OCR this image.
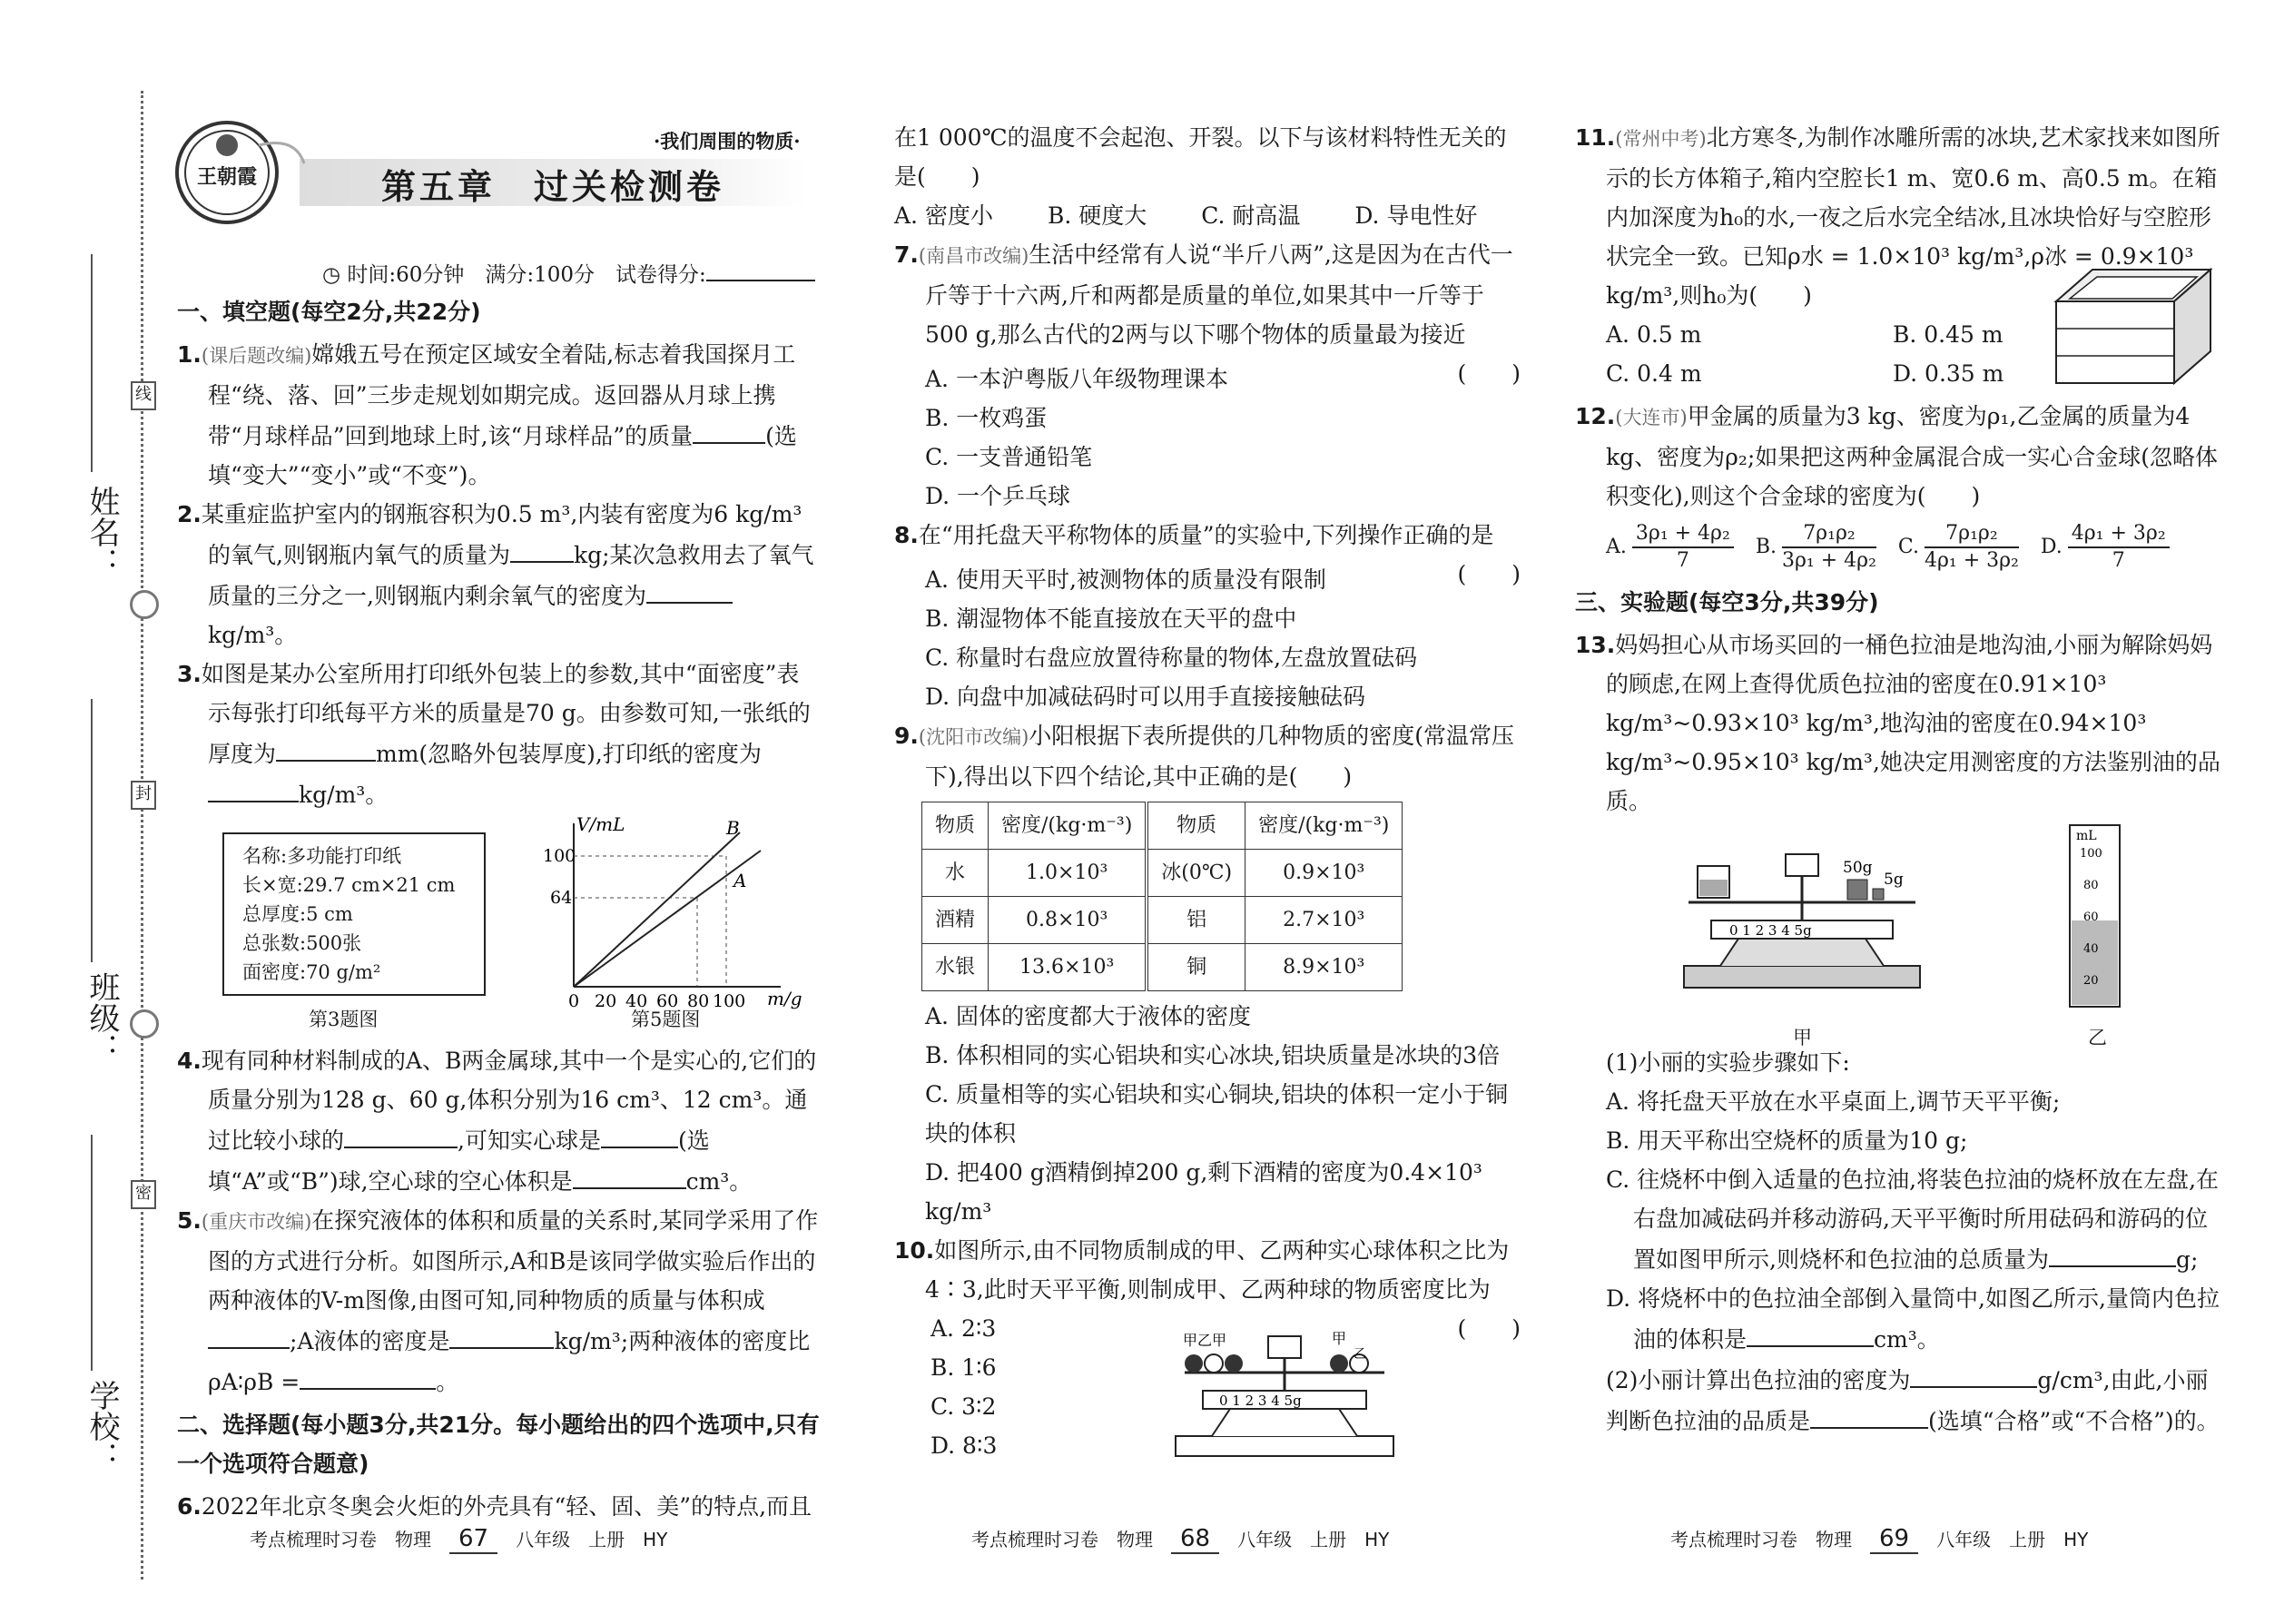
姓名：
班级：
学校：
线
封
密
王朝霞
·我们周围的物质·
第五章　过关检测卷
◷ 时间:60分钟　满分:100分　试卷得分:
一、填空题(每空2分,共22分)
1.(课后题改编)嫦娥五号在预定区域安全着陆,标志着我国探月工程“绕、落、回”三步走规划如期完成。返回器从月球上携带“月球样品”回到地球上时,该“月球样品”的质量	(选填“变大”“变小”或“不变”)。
2.某重症监护室内的钢瓶容积为0.5 m³,内装有密度为6 kg/m³的氧气,则钢瓶内氧气的质量为	kg;某次急救用去了氧气质量的三分之一,则钢瓶内剩余氧气的密度为kg/m³。
3.如图是某办公室所用打印纸外包装上的参数,其中“面密度”表示每张打印纸每平方米的质量是70 g。由参数可知,一张纸的厚度为	mm(忽略外包装厚度),打印纸的密度为kg/m³。
名称:多功能打印纸
长×宽:29.7 cm×21 cm
总厚度:5 cm
总张数:500张
面密度:70 g/m²
第3题图
V/mL
m/g
100
64
0 20 40 60 80 100
B
A
第5题图
4.现有同种材料制成的A、B两金属球,其中一个是实心的,它们的质量分别为128 g、60 g,体积分别为16 cm³、12 cm³。通过比较小球的	,可知实心球是	(选填“A”或“B”)球,空心球的空心体积是	cm³。
5.(重庆市改编)在探究液体的体积和质量的关系时,某同学采用了作图的方式进行分析。如图所示,A和B是该同学做实验后作出的两种液体的V-m图像,由图可知,同种物质的质量与体积成;A液体的密度是	kg/m³;两种液体的密度比ρA∶ρB =	。
二、选择题(每小题3分,共21分。每小题给出的四个选项中,只有一个选项符合题意)
6.2022年北京冬奥会火炬的外壳具有“轻、固、美”的特点,而且
在1 000℃的温度不会起泡、开裂。以下与该材料特性无关的是(　　)
A. 密度小 B. 硬度大 C. 耐高温 D. 导电性好
7.(南昌市改编)生活中经常有人说“半斤八两”,这是因为在古代一斤等于十六两,斤和两都是质量的单位,如果其中一斤等于500 g,那么古代的2两与以下哪个物体的质量最为接近

(　　)
A. 一本沪粤版八年级物理课本
B. 一枚鸡蛋
C. 一支普通铅笔
D. 一个乒乓球
8.在“用托盘天平称物体的质量”的实验中,下列操作正确的是

(　　)
A. 使用天平时,被测物体的质量没有限制
B. 潮湿物体不能直接放在天平的盘中
C. 称量时右盘应放置待称量的物体,左盘放置砝码
D. 向盘中加减砝码时可以用手直接接触砝码
9.(沈阳市改编)小阳根据下表所提供的几种物质的密度(常温常压下),得出以下四个结论,其中正确的是(　　)
物质	密度/(kg·m⁻³)	物质	密度/(kg·m⁻³)
水	1.0×10³	冰(0℃)	0.9×10³
酒精	0.8×10³	铝	2.7×10³
水银	13.6×10³	铜	8.9×10³
A. 固体的密度都大于液体的密度
B. 体积相同的实心铝块和实心冰块,铝块质量是冰块的3倍
C. 质量相等的实心铝块和实心铜块,铝块的体积一定小于铜块的体积
D. 把400 g酒精倒掉200 g,剩下酒精的密度为0.4×10³ kg/m³
10.如图所示,由不同物质制成的甲、乙两种实心球体积之比为4∶3,此时天平平衡,则制成甲、乙两种球的物质密度比为

(　　)
A. 2∶3
B. 1∶6
C. 3∶2
D. 8∶3
0 1 2 3 4 5g
甲乙甲	甲
乙
11.(常州中考)北方寒冬,为制作冰雕所需的冰块,艺术家找来如图所示的长方体箱子,箱内空腔长1 m、宽0.6 m、高0.5 m。在箱内加深度为h₀的水,一夜之后水完全结冰,且冰块恰好与空腔形状完全一致。已知ρ水 = 1.0×10³ kg/m³,ρ冰 = 0.9×10³ kg/m³,则h₀为(　　)
A. 0.5 m	B. 0.45 m
C. 0.4 m	D. 0.35 m
12.(大连市)甲金属的质量为3 kg、密度为ρ₁,乙金属的质量为4 kg、密度为ρ₂;如果把这两种金属混合成一实心合金球(忽略体积变化),则这个合金球的密度为(　　)
A.
3ρ₁ + 4ρ₂
7
B.
7ρ₁ρ₂
3ρ₁ + 4ρ₂
C.
7ρ₁ρ₂
4ρ₁ + 3ρ₂
D.
4ρ₁ + 3ρ₂
7
三、实验题(每空3分,共39分)
13.妈妈担心从市场买回的一桶色拉油是地沟油,小丽为解除妈妈的顾虑,在网上查得优质色拉油的密度在0.91×10³ kg/m³~0.93×10³ kg/m³,地沟油的密度在0.94×10³ kg/m³~0.95×10³ kg/m³,她决定用测密度的方法鉴别油的品质。
0 1 2 3 4 5g
50g
5g
甲
mL
100
80
60
40
20
乙
(1)小丽的实验步骤如下:
A. 将托盘天平放在水平桌面上,调节天平平衡;
B. 用天平称出空烧杯的质量为10 g;
C. 往烧杯中倒入适量的色拉油,将装色拉油的烧杯放在左盘,在右盘加减砝码并移动游码,天平平衡时所用砝码和游码的位置如图甲所示,则烧杯和色拉油的总质量为	g;
D. 将烧杯中的色拉油全部倒入量筒中,如图乙所示,量筒内色拉油的体积是	cm³。
(2)小丽计算出色拉油的密度为	g/cm³,由此,小丽判断色拉油的品质是	(选填“合格”或“不合格”)的。
考点梳理时习卷　物理　 67　 八年级　上册　HY	考点梳理时习卷　物理　 68　 八年级　上册　HY	考点梳理时习卷　物理　 69　 八年级　上册　HY
